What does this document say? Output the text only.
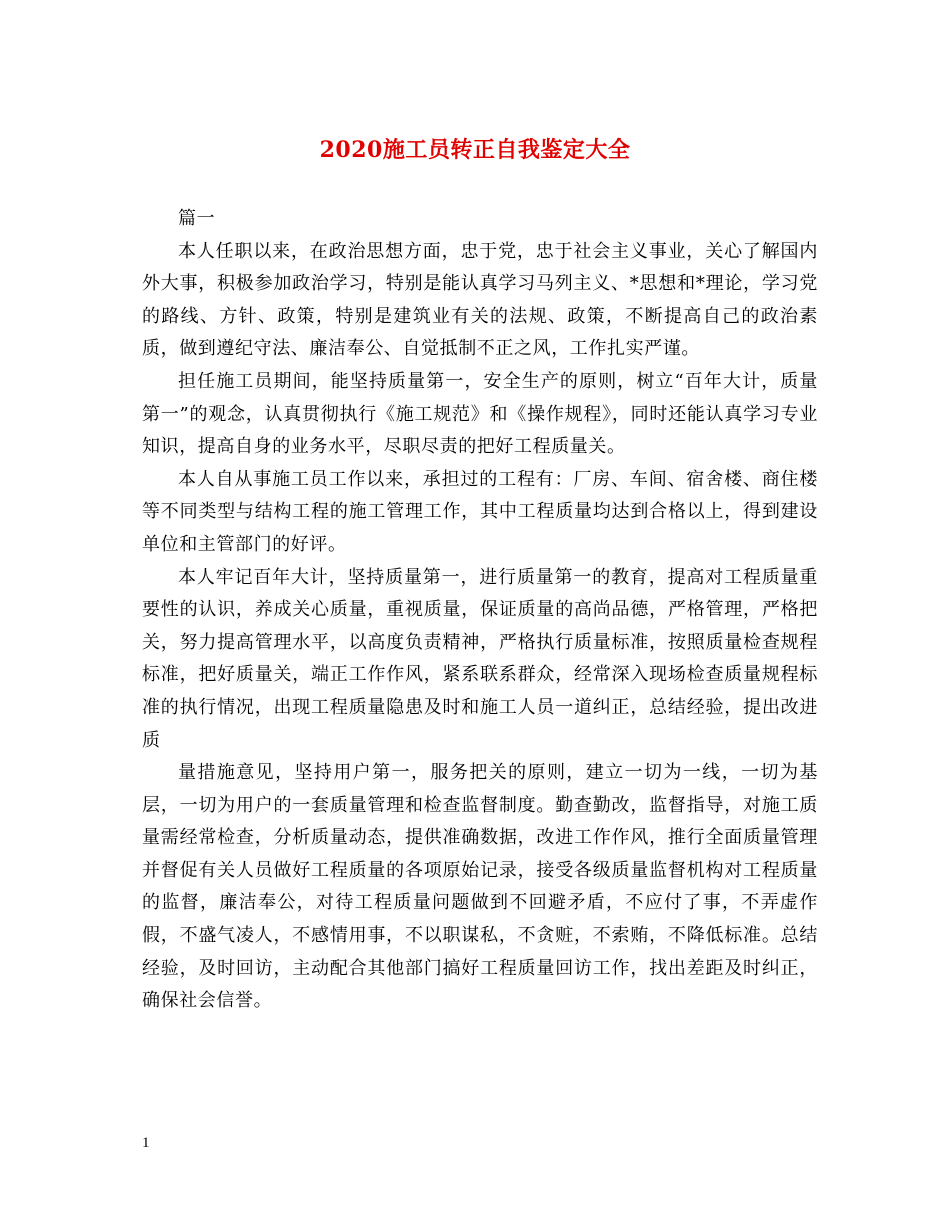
2020施工员转正自我鉴定大全

篇一

本人任职以来，在政治思想方面，忠于党，忠于社会主义事业，关心了解国内外大事，积极参加政治学习，特别是能认真学习马列主义、*思想和*理论，学习党的路线、方针、政策，特别是建筑业有关的法规、政策，不断提高自己的政治素质，做到遵纪守法、廉洁奉公、自觉抵制不正之风，工作扎实严谨。

担任施工员期间，能坚持质量第一，安全生产的原则，树立“百年大计，质量第一”的观念，认真贯彻执行《施工规范》和《操作规程》，同时还能认真学习专业知识，提高自身的业务水平，尽职尽责的把好工程质量关。

本人自从事施工员工作以来，承担过的工程有：厂房、车间、宿舍楼、商住楼等不同类型与结构工程的施工管理工作，其中工程质量均达到合格以上，得到建设单位和主管部门的好评。

本人牢记百年大计，坚持质量第一，进行质量第一的教育，提高对工程质量重要性的认识，养成关心质量，重视质量，保证质量的高尚品德，严格管理，严格把关，努力提高管理水平，以高度负责精神，严格执行质量标准，按照质量检查规程标准，把好质量关，端正工作作风，紧系联系群众，经常深入现场检查质量规程标准的执行情况，出现工程质量隐患及时和施工人员一道纠正，总结经验，提出改进质

量措施意见，坚持用户第一，服务把关的原则，建立一切为一线，一切为基层，一切为用户的一套质量管理和检查监督制度。勤查勤改，监督指导，对施工质量需经常检查，分析质量动态，提供准确数据，改进工作作风，推行全面质量管理并督促有关人员做好工程质量的各项原始记录，接受各级质量监督机构对工程质量的监督，廉洁奉公，对待工程质量问题做到不回避矛盾，不应付了事，不弄虚作假，不盛气凌人，不感情用事，不以职谋私，不贪赃，不索贿，不降低标准。总结经验，及时回访，主动配合其他部门搞好工程质量回访工作，找出差距及时纠正，确保社会信誉。

1
